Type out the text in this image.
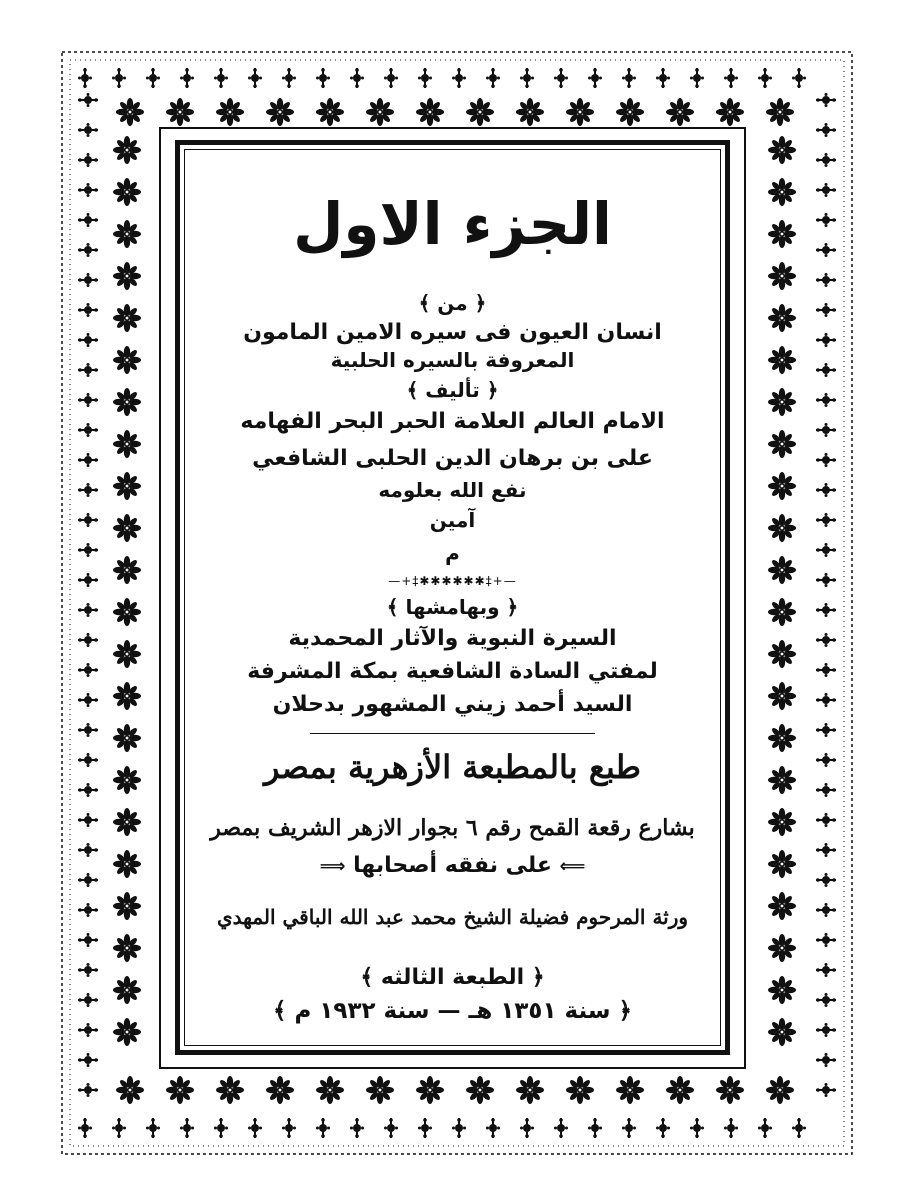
الجزء الاول
﴿ من ﴾
انسان العيون فى سيره الامين المامون
المعروفة بالسيره الحلبية
﴿ تأليف ﴾
الامام العالم العلامة الحبر البحر الفهامه
على بن برهان الدين الحلبى الشافعي
نفع الله بعلومه
آمين
م
—+‡✱✱✱✱✱✱‡+—
﴿ وبهامشها ﴾
السيرة النبوية والآثار المحمدية
لمفتي السادة الشافعية بمكة المشرفة
السيد أحمد زيني المشهور بدحلان
طبع بالمطبعة الأزهرية بمصر
بشارع رقعة القمح رقم ٦ بجوار الازهر الشريف بمصر
⟸ على نفقه أصحابها ⟹
ورثة المرحوم فضيلة الشيخ محمد عبد الله الباقي المهدي
﴿ الطبعة الثالثه ﴾
﴿ سنة ١٣٥١ هـ — سنة ١٩٣٢ م ﴾
